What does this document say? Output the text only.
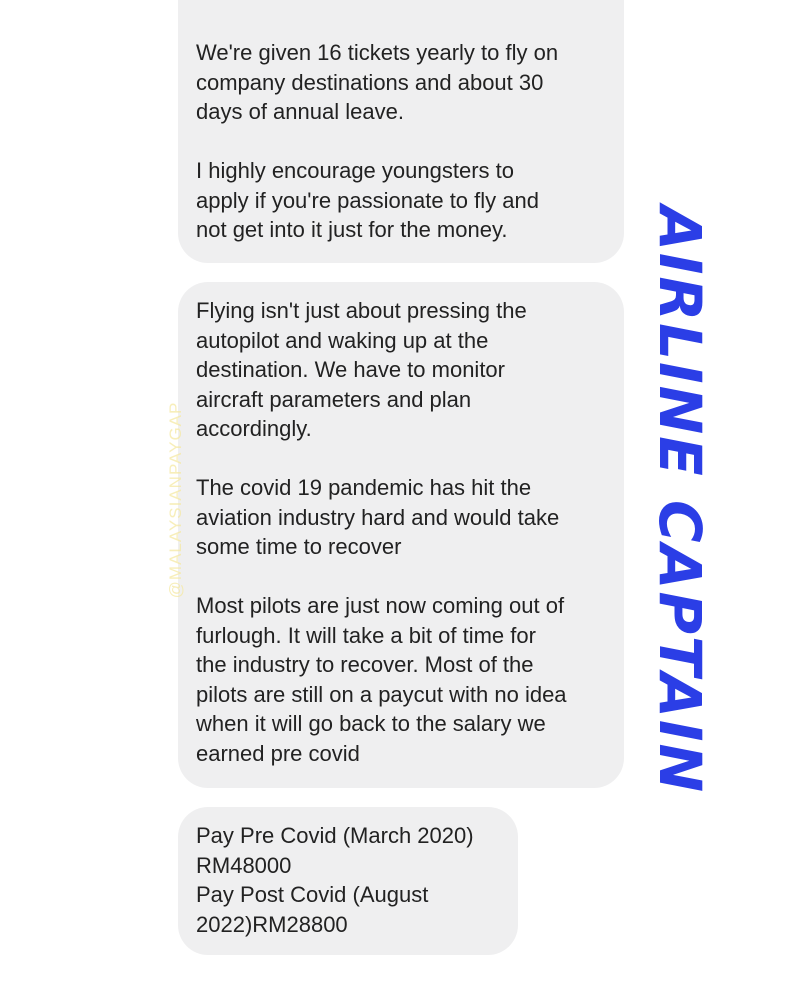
We're given 16 tickets yearly to fly on
company destinations and about 30
days of annual leave.

I highly encourage youngsters to
apply if you're passionate to fly and
not get into it just for the money.

Flying isn't just about pressing the
autopilot and waking up at the
destination. We have to monitor
aircraft parameters and plan
accordingly.

The covid 19 pandemic has hit the
aviation industry hard and would take
some time to recover

Most pilots are just now coming out of
furlough. It will take a bit of time for
the industry to recover. Most of the
pilots are still on a paycut with no idea
when it will go back to the salary we
earned pre covid

Pay Pre Covid (March 2020)
RM48000

Pay Post Covid (August
2022)RM28800

@MALAYSIANPAYGAP	AIRLINE CAPTAIN
